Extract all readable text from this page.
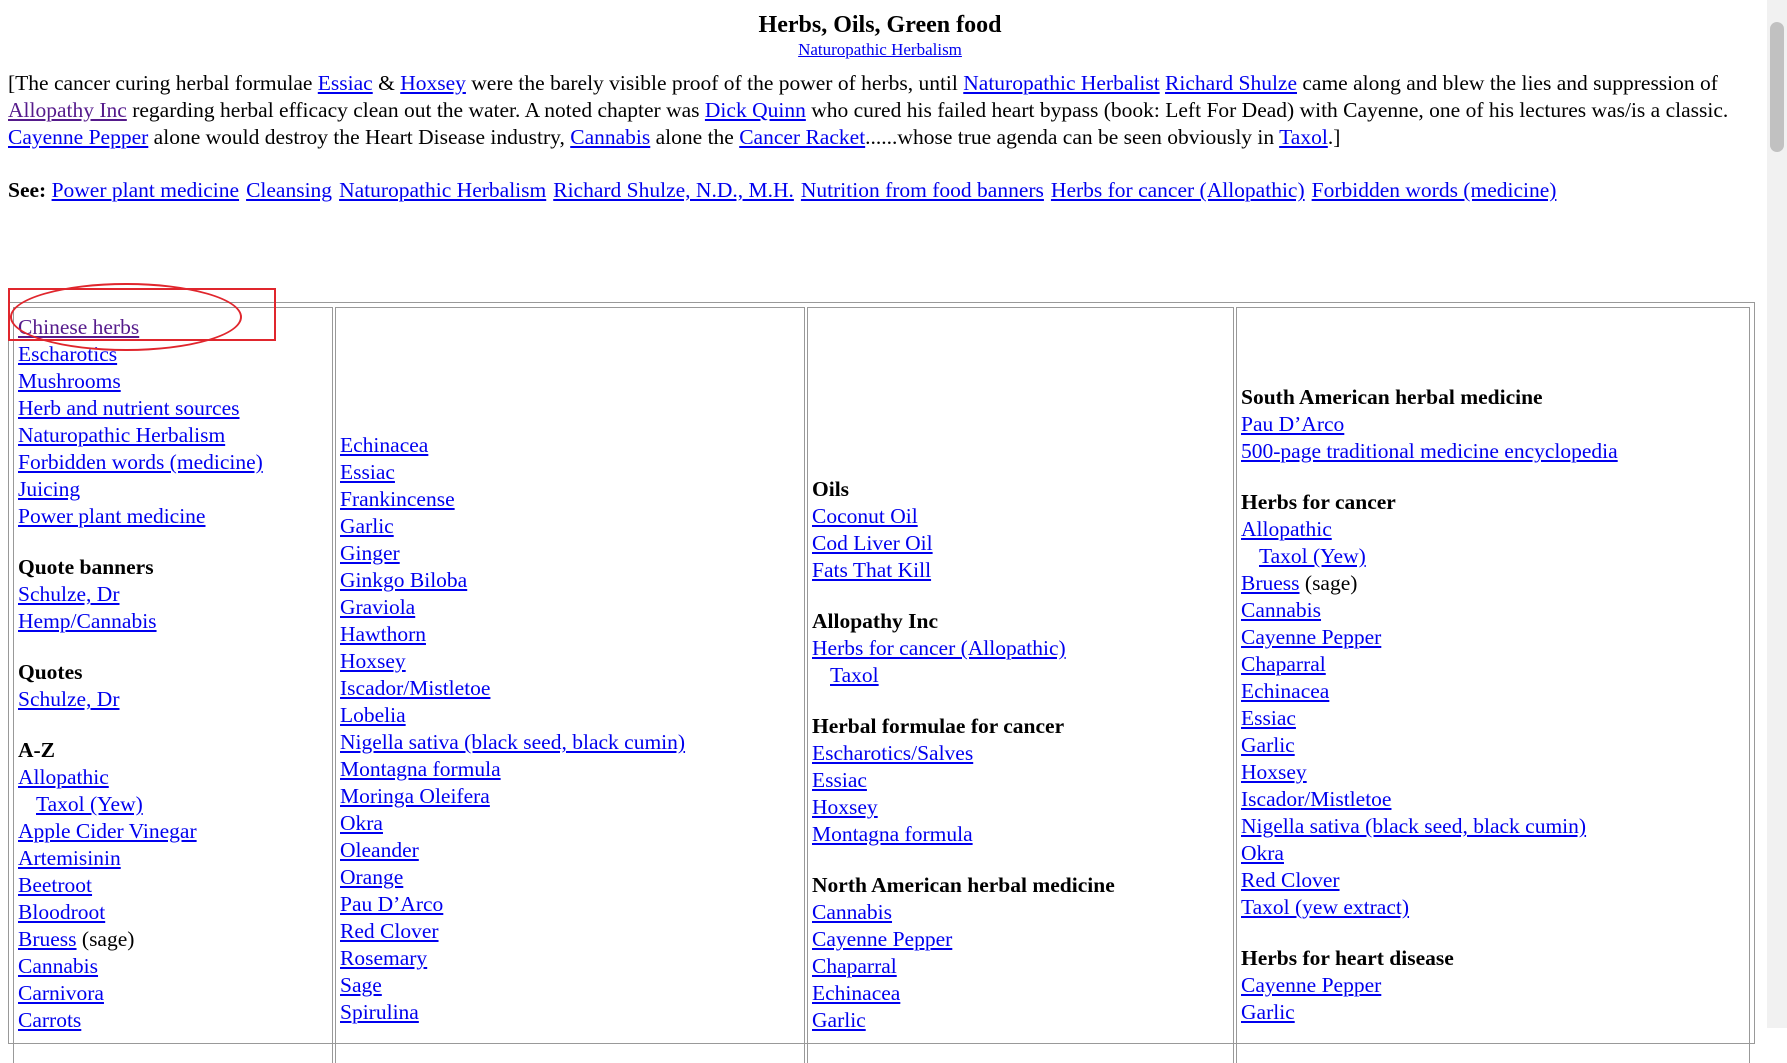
Herbs, Oils, Green food
Naturopathic Herbalism
[The cancer curing herbal formulae Essiac & Hoxsey were the barely visible proof of the power of herbs, until Naturopathic Herbalist Richard Shulze came along and blew the lies and suppression of Allopathy Inc regarding herbal efficacy clean out the water. A noted chapter was Dick Quinn who cured his failed heart bypass (book: Left For Dead) with Cayenne, one of his lectures was/is a classic. Cayenne Pepper alone would destroy the Heart Disease industry, Cannabis alone the Cancer Racket......whose true agenda can be seen obviously in Taxol.]
See: Power plant medicine Cleansing Naturopathic Herbalism Richard Shulze, N.D., M.H. Nutrition from food banners Herbs for cancer (Allopathic) Forbidden words (medicine)
Chinese herbs
Escharotics
Mushrooms
Herb and nutrient sources
Naturopathic Herbalism
Forbidden words (medicine)
Juicing
Power plant medicine
Quote banners
Schulze, Dr
Hemp/Cannabis
Quotes
Schulze, Dr
A-Z
Allopathic
Taxol (Yew)
Apple Cider Vinegar
Artemisinin
Beetroot
Bloodroot
Bruess (sage)
Cannabis
Carnivora
Carrots
Echinacea
Essiac
Frankincense
Garlic
Ginger
Ginkgo Biloba
Graviola
Hawthorn
Hoxsey
Iscador/Mistletoe
Lobelia
Nigella sativa (black seed, black cumin)
Montagna formula
Moringa Oleifera
Okra
Oleander
Orange
Pau D’Arco
Red Clover
Rosemary
Sage
Spirulina
Oils
Coconut Oil
Cod Liver Oil
Fats That Kill
Allopathy Inc
Herbs for cancer (Allopathic)
Taxol
Herbal formulae for cancer
Escharotics/Salves
Essiac
Hoxsey
Montagna formula
North American herbal medicine
Cannabis
Cayenne Pepper
Chaparral
Echinacea
Garlic
South American herbal medicine
Pau D’Arco
500-page traditional medicine encyclopedia
Herbs for cancer
Allopathic
Taxol (Yew)
Bruess (sage)
Cannabis
Cayenne Pepper
Chaparral
Echinacea
Essiac
Garlic
Hoxsey
Iscador/Mistletoe
Nigella sativa (black seed, black cumin)
Okra
Red Clover
Taxol (yew extract)
Herbs for heart disease
Cayenne Pepper
Garlic
